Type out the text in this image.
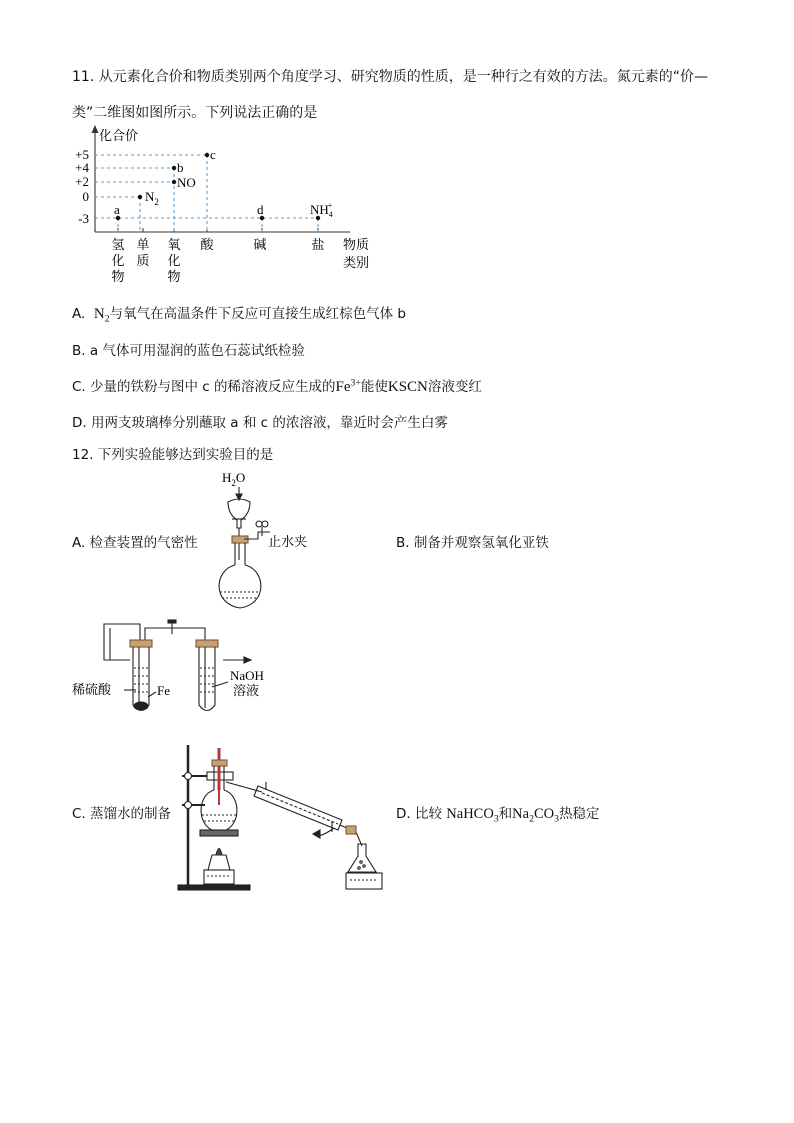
11. 从元素化合价和物质类别两个角度学习、研究物质的性质，是一种行之有效的方法。氮元素的“价—
类”二维图如图所示。下列说法正确的是
化合价
+5
+4
+2
0
-3
a
$N_2$
b
NO
c
d	$NH_4+$
氢
化
物
单
质
氧
化
物
酸	碱	盐 物质
类别
A. $N_2$与氧气在高温条件下反应可直接生成红棕色气体 b
B. a 气体可用湿润的蓝色石蕊试纸检验
C. 少量的铁粉与图中 c 的稀溶液反应生成的$Fe^{3+}$能使KSCN溶液变红
D. 用两支玻璃棒分别蘸取 a 和 c 的浓溶液，靠近时会产生白雾
12. 下列实验能够达到实验目的是
A. 检查装置的气密性	B. 制备并观察氢氧化亚铁
$H_2O$
止水夹
稀硫酸	Fe
NaOH
溶液
C. 蒸馏水的制备	D. 比较 NaHCO$_3$和$Na_2CO_3$热稳定
